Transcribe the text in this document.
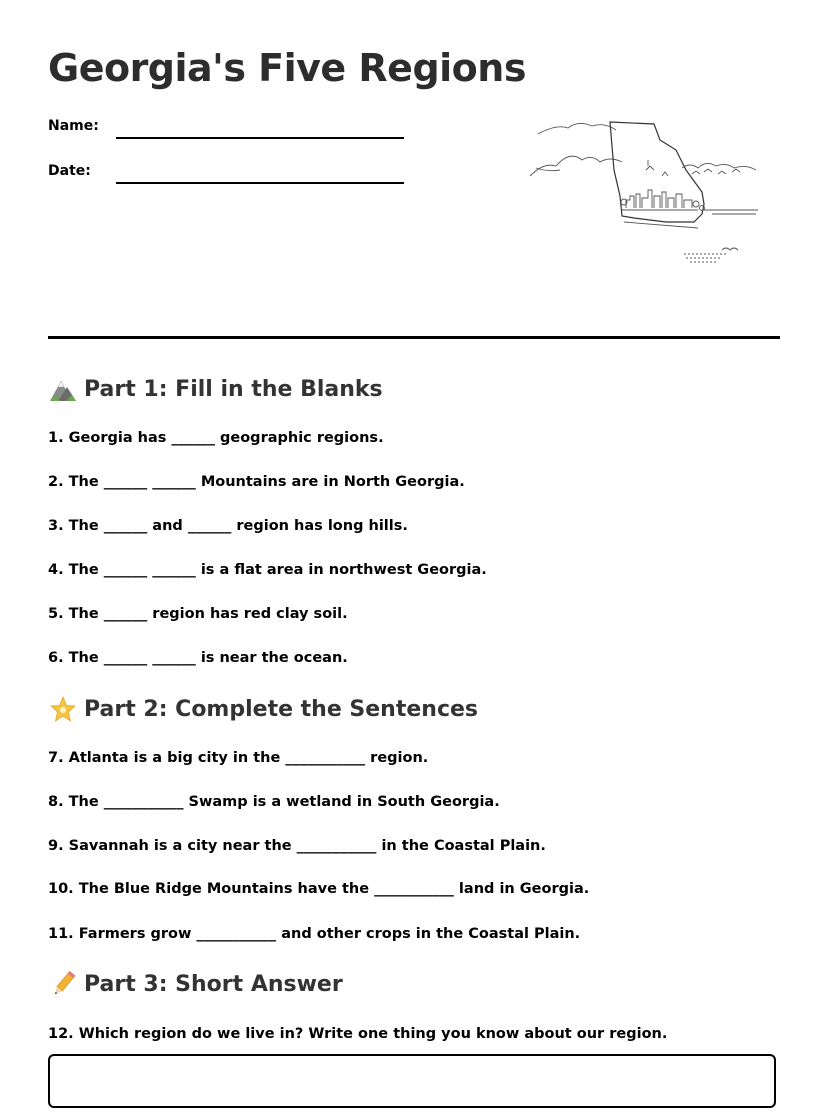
Georgia's Five Regions
Name:
Date:
Part 1: Fill in the Blanks
1. Georgia has ______ geographic regions.
2. The ______ ______ Mountains are in North Georgia.
3. The ______ and ______ region has long hills.
4. The ______ ______ is a flat area in northwest Georgia.
5. The ______ region has red clay soil.
6. The ______ ______ is near the ocean.
Part 2: Complete the Sentences
7. Atlanta is a big city in the ___________ region.
8. The ___________ Swamp is a wetland in South Georgia.
9. Savannah is a city near the ___________ in the Coastal Plain.
10. The Blue Ridge Mountains have the ___________ land in Georgia.
11. Farmers grow ___________ and other crops in the Coastal Plain.
Part 3: Short Answer
12. Which region do we live in? Write one thing you know about our region.
